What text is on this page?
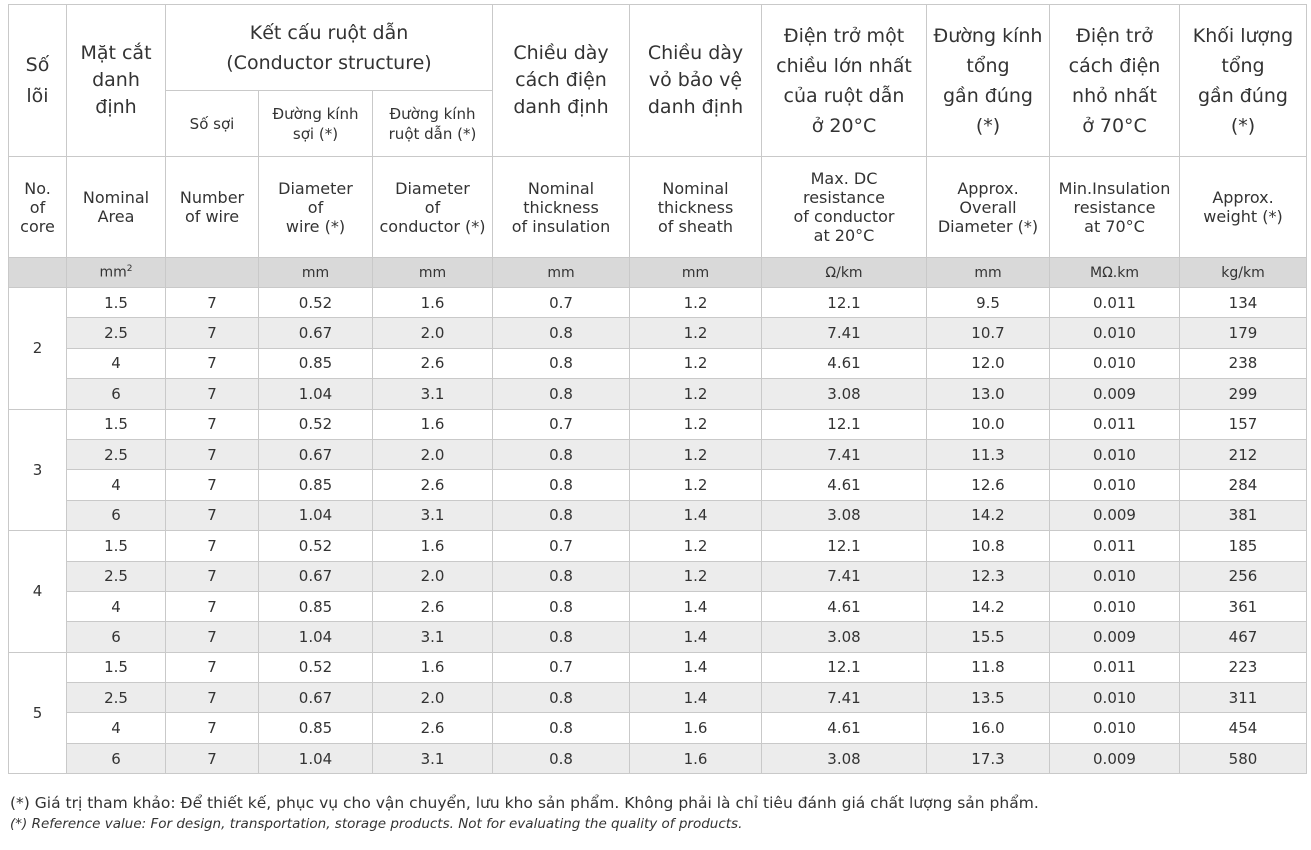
Số
lõi	Mặt cắt
danh
định	Kết cấu ruột dẫn
(Conductor structure)			Chiều dày
cách điện
danh định	Chiều dày
vỏ bảo vệ
danh định	Điện trở một
chiều lớn nhất
của ruột dẫn
ở 20°C	Đường kính
tổng
gần đúng
(*)	Điện trở
cách điện
nhỏ nhất
ở 70°C	Khối lượng
tổng
gần đúng
(*)
		Số sợi	Đường kính
sợi (*)	Đường kính
ruột dẫn (*)						
No.
of
core	Nominal
Area	Number
of wire	Diameter
of
wire (*)	Diameter
of
conductor (*)	Nominal
thickness
of insulation	Nominal
thickness
of sheath	Max. DC
resistance
of conductor
at 20°C	Approx.
Overall
Diameter (*)	Min.Insulation
resistance
at 70°C	Approx.
weight (*)
	$mm^2$		mm	mm	mm	mm	Ω/km	mm	MΩ.km	kg/km
2	1.5	7	0.52	1.6	0.7	1.2	12.1	9.5	0.011	134
	2.5	7	0.67	2.0	0.8	1.2	7.41	10.7	0.010	179
	4	7	0.85	2.6	0.8	1.2	4.61	12.0	0.010	238
	6	7	1.04	3.1	0.8	1.2	3.08	13.0	0.009	299
3	1.5	7	0.52	1.6	0.7	1.2	12.1	10.0	0.011	157
	2.5	7	0.67	2.0	0.8	1.2	7.41	11.3	0.010	212
	4	7	0.85	2.6	0.8	1.2	4.61	12.6	0.010	284
	6	7	1.04	3.1	0.8	1.4	3.08	14.2	0.009	381
4	1.5	7	0.52	1.6	0.7	1.2	12.1	10.8	0.011	185
	2.5	7	0.67	2.0	0.8	1.2	7.41	12.3	0.010	256
	4	7	0.85	2.6	0.8	1.4	4.61	14.2	0.010	361
	6	7	1.04	3.1	0.8	1.4	3.08	15.5	0.009	467
5	1.5	7	0.52	1.6	0.7	1.4	12.1	11.8	0.011	223
	2.5	7	0.67	2.0	0.8	1.4	7.41	13.5	0.010	311
	4	7	0.85	2.6	0.8	1.6	4.61	16.0	0.010	454
	6	7	1.04	3.1	0.8	1.6	3.08	17.3	0.009	580
(*) Giá trị tham khảo: Để thiết kế, phục vụ cho vận chuyển, lưu kho sản phẩm. Không phải là chỉ tiêu đánh giá chất lượng sản phẩm.
(*) Reference value: For design, transportation, storage products. Not for evaluating the quality of products.
